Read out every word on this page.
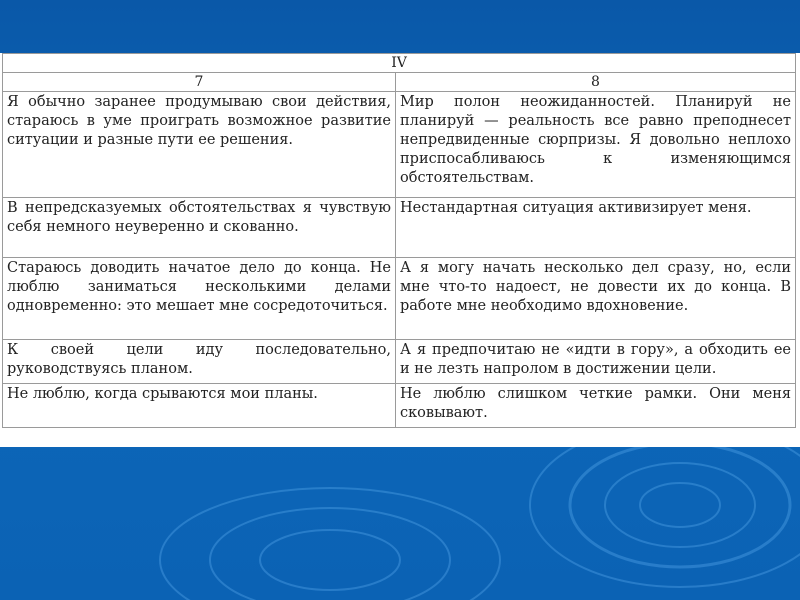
IV	
7	8
Я обычно заранее продумываю свои действия, стараюсь в уме проиграть возможное развитие ситуации и разные пути ее решения.	Мир полон неожиданностей. Планируй не планируй — реальность все равно преподнесет непредвиденные сюрпризы. Я довольно неплохо приспосабливаюсь к изменяющимся обстоятельствам.
В непредсказуемых обстоятельствах я чувствую себя немного неуверенно и скованно.	Нестандартная ситуация активизирует меня.
Стараюсь доводить начатое дело до конца. Не люблю заниматься несколькими делами одновременно: это мешает мне сосредоточиться.	А я могу начать несколько дел сразу, но, если мне что-то надоест, не довести их до конца. В работе мне необходимо вдохновение.
К своей цели иду последовательно, руководствуясь планом.	А я предпочитаю не «идти в гору», а обходить ее и не лезть напролом в достижении цели.
Не люблю, когда срываются мои планы.	Не люблю слишком четкие рамки. Они меня сковывают.
